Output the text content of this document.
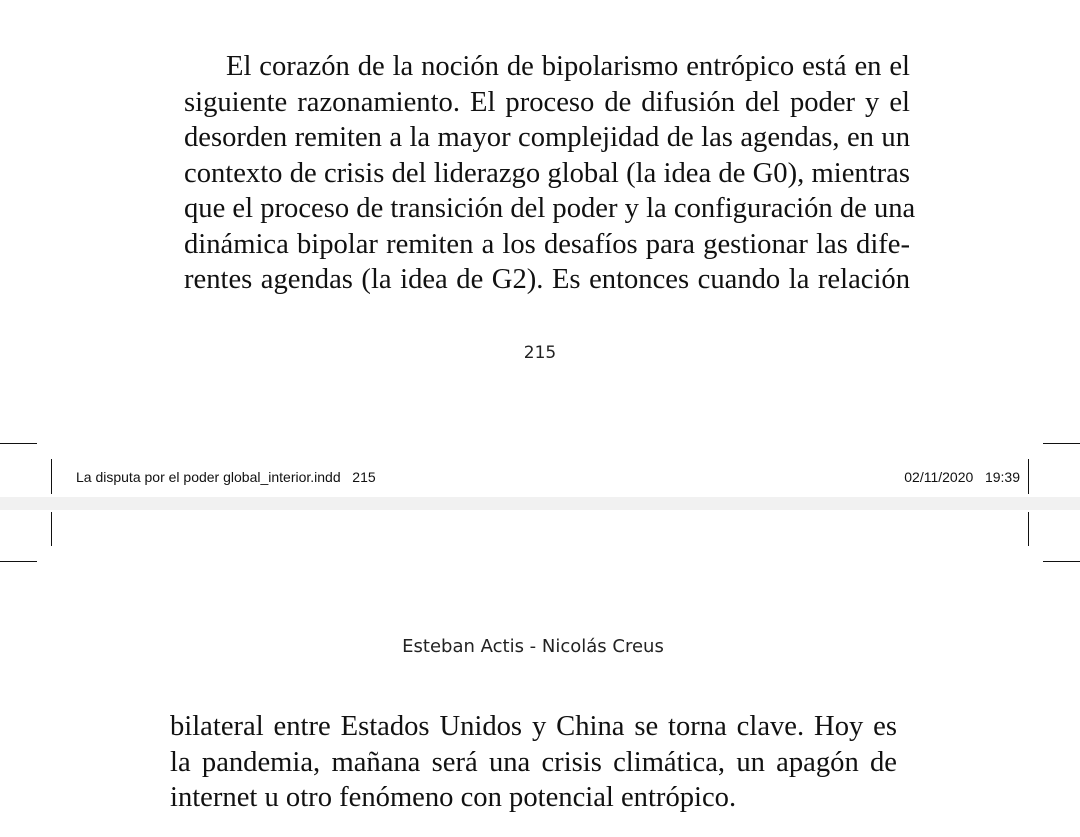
El corazón de la noción de bipolarismo entrópico está en el
siguiente razonamiento. El proceso de difusión del poder y el
desorden remiten a la mayor complejidad de las agendas, en un
contexto de crisis del liderazgo global (la idea de G0), mientras
que el proceso de transición del poder y la configuración de una
dinámica bipolar remiten a los desafíos para gestionar las dife-
rentes agendas (la idea de G2). Es entonces cuando la relación
215
La disputa por el poder global_interior.indd   215	02/11/2020   19:39
Esteban Actis - Nicolás Creus
bilateral entre Estados Unidos y China se torna clave. Hoy es
la pandemia, mañana será una crisis climática, un apagón de
internet u otro fenómeno con potencial entrópico.
